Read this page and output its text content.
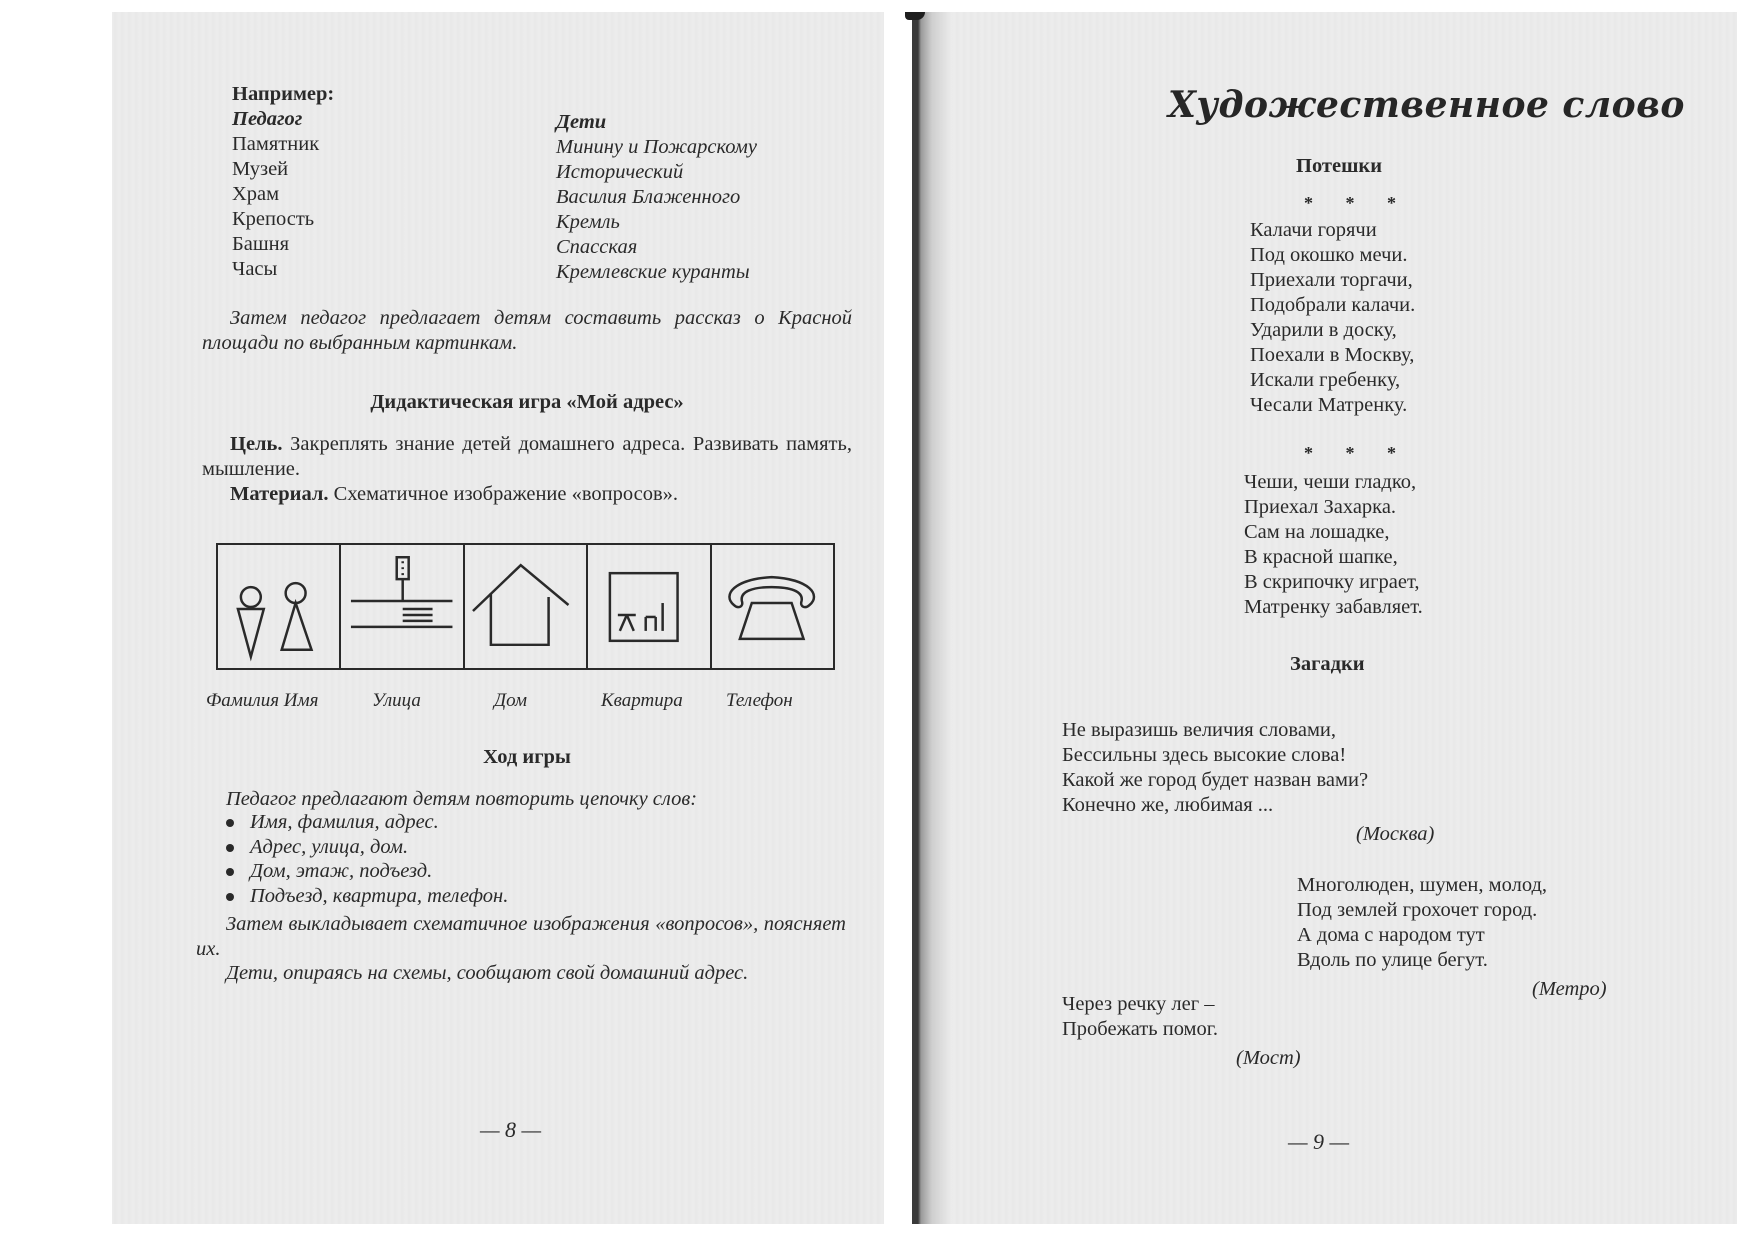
Например:
Педагог	Дети
Памятник	Минину и Пожарскому
Музей	Исторический
Храм	Василия Блаженного
Крепость	Кремль
Башня	Спасская
Часы	Кремлевские куранты
Затем педагог предлагает детям составить рассказ о Красной площади по выбранным картинкам.
Дидактическая игра «Мой адрес»
Цель. Закреплять знание детей домашнего адреса. Развивать память, мышление.
Материал. Схематичное изображение «вопросов».
Фамилия Имя	Улица	Дом	Квартира Телефон
Ход игры
Педагог предлагают детям повторить цепочку слов:
Имя, фамилия, адрес.
Адрес, улица, дом.
Дом, этаж, подъезд.
Подъезд, квартира, телефон.
Затем выкладывает схематичное изображения «вопросов», поясняет их.
Дети, опираясь на схемы, сообщают свой домашний адрес.
— 8 —
Художественное слово
Потешки
* * *
Калачи горячи
Под окошко мечи.
Приехали торгачи,
Подобрали калачи.
Ударили в доску,
Поехали в Москву,
Искали гребенку,
Чесали Матренку.
* * *
Чеши, чеши гладко,
Приехал Захарка.
Сам на лошадке,
В красной шапке,
В скрипочку играет,
Матренку забавляет.
Загадки
Не выразишь величия словами,
Бессильны здесь высокие слова!
Какой же город будет назван вами?
Конечно же, любимая ...
(Москва)
Многолюден, шумен, молод,
Под землей грохочет город.
А дома с народом тут
Вдоль по улице бегут.
(Метро)
Через речку лег –
Пробежать помог.
(Мост)
— 9 —
